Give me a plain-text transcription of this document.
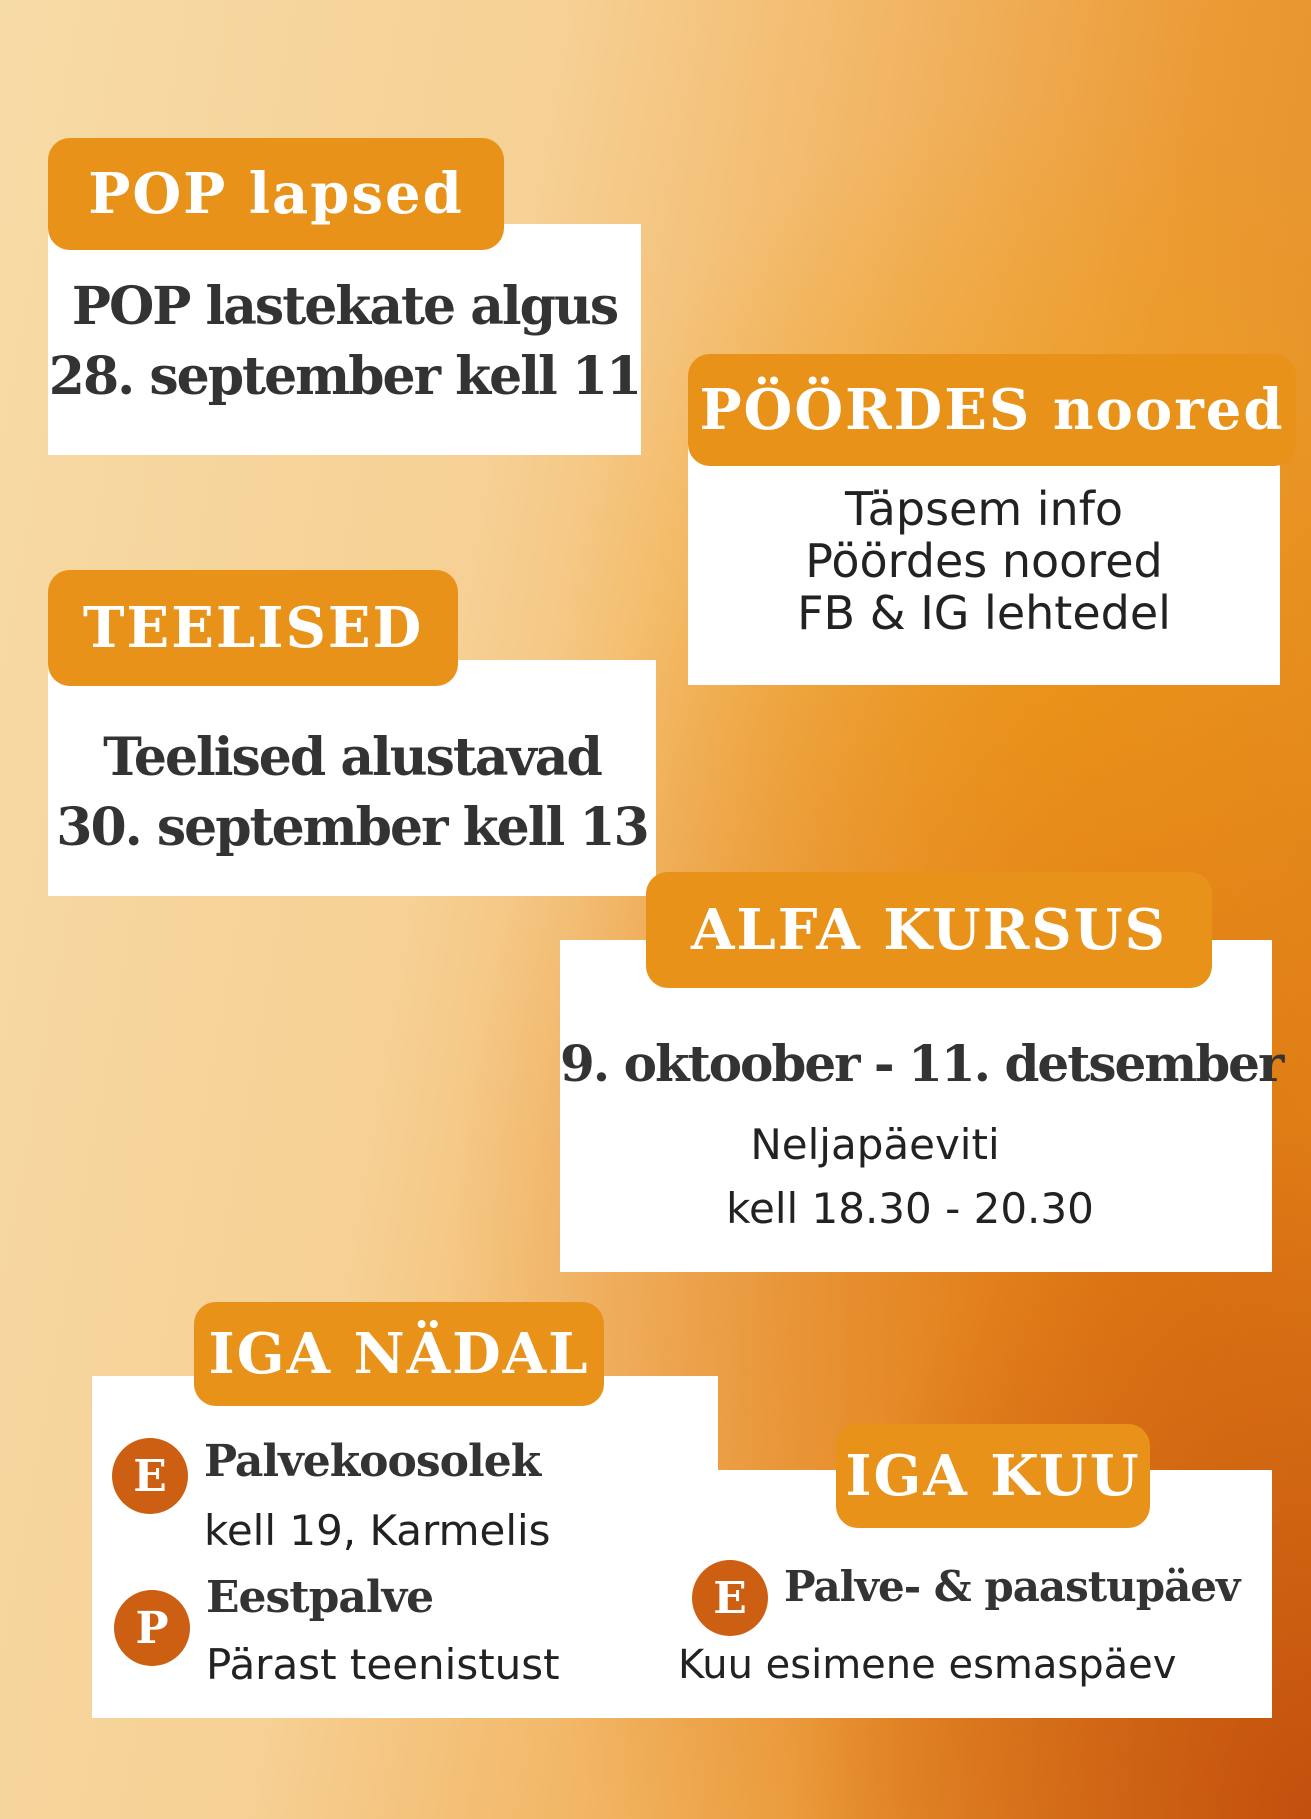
POP lapsed
POP lastekate algus
28. september kell 11
PÖÖRDES noored
Täpsem info
Pöördes noored
FB & IG lehtedel
TEELISED
Teelised alustavad
30. september kell 13
ALFA KURSUS
9. oktoober - 11. detsember
Neljapäeviti
kell 18.30 - 20.30
IGA NÄDAL
IGA KUU
E Palvekoosolek
kell 19, Karmelis
P
Eestpalve
Pärast teenistust
E Palve- & paastupäev
Kuu esimene esmaspäev
